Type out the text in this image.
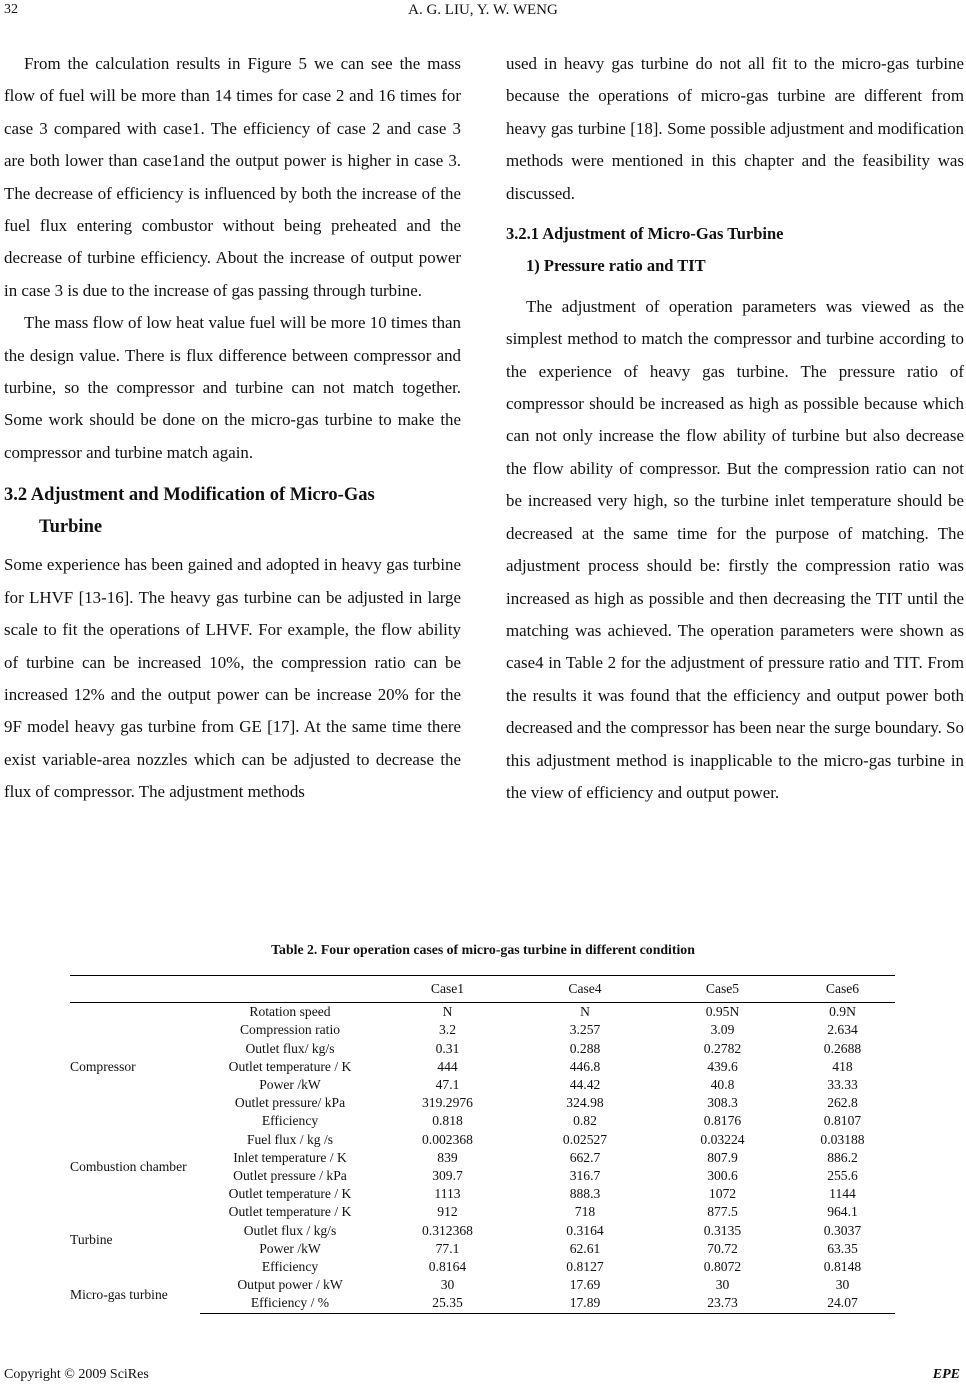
32	A. G. LIU, Y. W. WENG

From the calculation results in Figure 5 we can see the mass flow of fuel will be more than 14 times for case 2 and 16 times for case 3 compared with case1. The efficiency of case 2 and case 3 are both lower than case1and the output power is higher in case 3. The decrease of efficiency is influenced by both the increase of the fuel flux entering combustor without being preheated and the decrease of turbine efficiency. About the increase of output power in case 3 is due to the increase of gas passing through turbine.

The mass flow of low heat value fuel will be more 10 times than the design value. There is flux difference between compressor and turbine, so the compressor and turbine can not match together. Some work should be done on the micro-gas turbine to make the compressor and turbine match again.

3.2 Adjustment and Modification of Micro-Gas
Turbine

Some experience has been gained and adopted in heavy gas turbine for LHVF [13-16]. The heavy gas turbine can be adjusted in large scale to fit the operations of LHVF. For example, the flow ability of turbine can be increased 10%, the compression ratio can be increased 12% and the output power can be increase 20% for the 9F model heavy gas turbine from GE [17]. At the same time there exist variable-area nozzles which can be adjusted to decrease the flux of compressor. The adjustment methods

used in heavy gas turbine do not all fit to the micro-gas turbine because the operations of micro-gas turbine are different from heavy gas turbine [18]. Some possible adjustment and modification methods were mentioned in this chapter and the feasibility was discussed.

3.2.1 Adjustment of Micro-Gas Turbine
1) Pressure ratio and TIT

The adjustment of operation parameters was viewed as the simplest method to match the compressor and turbine according to the experience of heavy gas turbine. The pressure ratio of compressor should be increased as high as possible because which can not only increase the flow ability of turbine but also decrease the flow ability of compressor. But the compression ratio can not be increased very high, so the turbine inlet temperature should be decreased at the same time for the purpose of matching. The adjustment process should be: firstly the compression ratio was increased as high as possible and then decreasing the TIT until the matching was achieved. The operation parameters were shown as case4 in Table 2 for the adjustment of pressure ratio and TIT. From the results it was found that the efficiency and output power both decreased and the compressor has been near the surge boundary. So this adjustment method is inapplicable to the micro-gas turbine in the view of efficiency and output power.

Table 2. Four operation cases of micro-gas turbine in different condition
		Case1	Case4	Case5	Case6
Compressor	Rotation speed	N	N	0.95N	0.9N
	Compression ratio	3.2	3.257	3.09	2.634
	Outlet flux/ kg/s	0.31	0.288	0.2782	0.2688
	Outlet temperature / K	444	446.8	439.6	418
	Power /kW	47.1	44.42	40.8	33.33
	Outlet pressure/ kPa	319.2976	324.98	308.3	262.8
	Efficiency	0.818	0.82	0.8176	0.8107
Combustion chamber	Fuel flux / kg /s	0.002368	0.02527	0.03224	0.03188
	Inlet temperature / K	839	662.7	807.9	886.2
	Outlet pressure / kPa	309.7	316.7	300.6	255.6
	Outlet temperature / K	1113	888.3	1072	1144
Turbine	Outlet temperature / K	912	718	877.5	964.1
	Outlet flux / kg/s	0.312368	0.3164	0.3135	0.3037
	Power /kW	77.1	62.61	70.72	63.35
	Efficiency	0.8164	0.8127	0.8072	0.8148
Micro-gas turbine	Output power / kW	30	17.69	30	30
	Efficiency / %	25.35	17.89	23.73	24.07
Copyright © 2009 SciRes	EPE
